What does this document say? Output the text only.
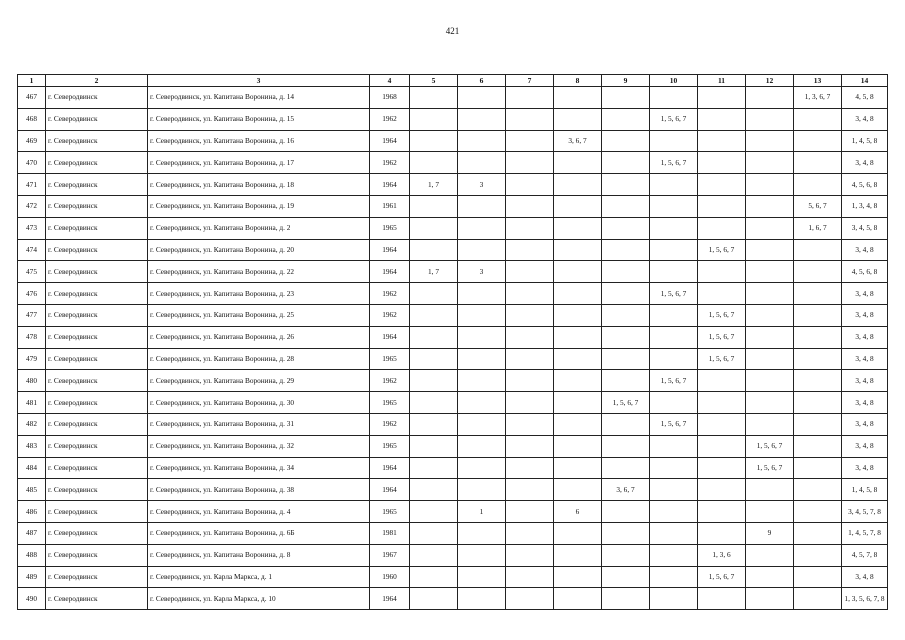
421
1	2	3	4	5	6	7	8	9	10	11	12	13	14
467	г. Северодвинск	г. Северодвинск, ул. Капитана Воронина, д. 14	1968									1, 3, 6, 7	4, 5, 8
468	г. Северодвинск	г. Северодвинск, ул. Капитана Воронина, д. 15	1962						1, 5, 6, 7				3, 4, 8
469	г. Северодвинск	г. Северодвинск, ул. Капитана Воронина, д. 16	1964				3, 6, 7						1, 4, 5, 8
470	г. Северодвинск	г. Северодвинск, ул. Капитана Воронина, д. 17	1962						1, 5, 6, 7				3, 4, 8
471	г. Северодвинск	г. Северодвинск, ул. Капитана Воронина, д. 18	1964	1, 7	3								4, 5, 6, 8
472	г. Северодвинск	г. Северодвинск, ул. Капитана Воронина, д. 19	1961									5, 6, 7	1, 3, 4, 8
473	г. Северодвинск	г. Северодвинск, ул. Капитана Воронина, д. 2	1965									1, 6, 7	3, 4, 5, 8
474	г. Северодвинск	г. Северодвинск, ул. Капитана Воронина, д. 20	1964							1, 5, 6, 7			3, 4, 8
475	г. Северодвинск	г. Северодвинск, ул. Капитана Воронина, д. 22	1964	1, 7	3								4, 5, 6, 8
476	г. Северодвинск	г. Северодвинск, ул. Капитана Воронина, д. 23	1962						1, 5, 6, 7				3, 4, 8
477	г. Северодвинск	г. Северодвинск, ул. Капитана Воронина, д. 25	1962							1, 5, 6, 7			3, 4, 8
478	г. Северодвинск	г. Северодвинск, ул. Капитана Воронина, д. 26	1964							1, 5, 6, 7			3, 4, 8
479	г. Северодвинск	г. Северодвинск, ул. Капитана Воронина, д. 28	1965							1, 5, 6, 7			3, 4, 8
480	г. Северодвинск	г. Северодвинск, ул. Капитана Воронина, д. 29	1962						1, 5, 6, 7				3, 4, 8
481	г. Северодвинск	г. Северодвинск, ул. Капитана Воронина, д. 30	1965					1, 5, 6, 7					3, 4, 8
482	г. Северодвинск	г. Северодвинск, ул. Капитана Воронина, д. 31	1962						1, 5, 6, 7				3, 4, 8
483	г. Северодвинск	г. Северодвинск, ул. Капитана Воронина, д. 32	1965								1, 5, 6, 7		3, 4, 8
484	г. Северодвинск	г. Северодвинск, ул. Капитана Воронина, д. 34	1964								1, 5, 6, 7		3, 4, 8
485	г. Северодвинск	г. Северодвинск, ул. Капитана Воронина, д. 38	1964					3, 6, 7					1, 4, 5, 8
486	г. Северодвинск	г. Северодвинск, ул. Капитана Воронина, д. 4	1965		1		6						3, 4, 5, 7, 8
487	г. Северодвинск	г. Северодвинск, ул. Капитана Воронина, д. 6Б	1981								9		1, 4, 5, 7, 8
488	г. Северодвинск	г. Северодвинск, ул. Капитана Воронина, д. 8	1967							1, 3, 6			4, 5, 7, 8
489	г. Северодвинск	г. Северодвинск, ул. Карла Маркса, д. 1	1960							1, 5, 6, 7			3, 4, 8
490	г. Северодвинск	г. Северодвинск, ул. Карла Маркса, д. 10	1964										1, 3, 5, 6, 7, 8
